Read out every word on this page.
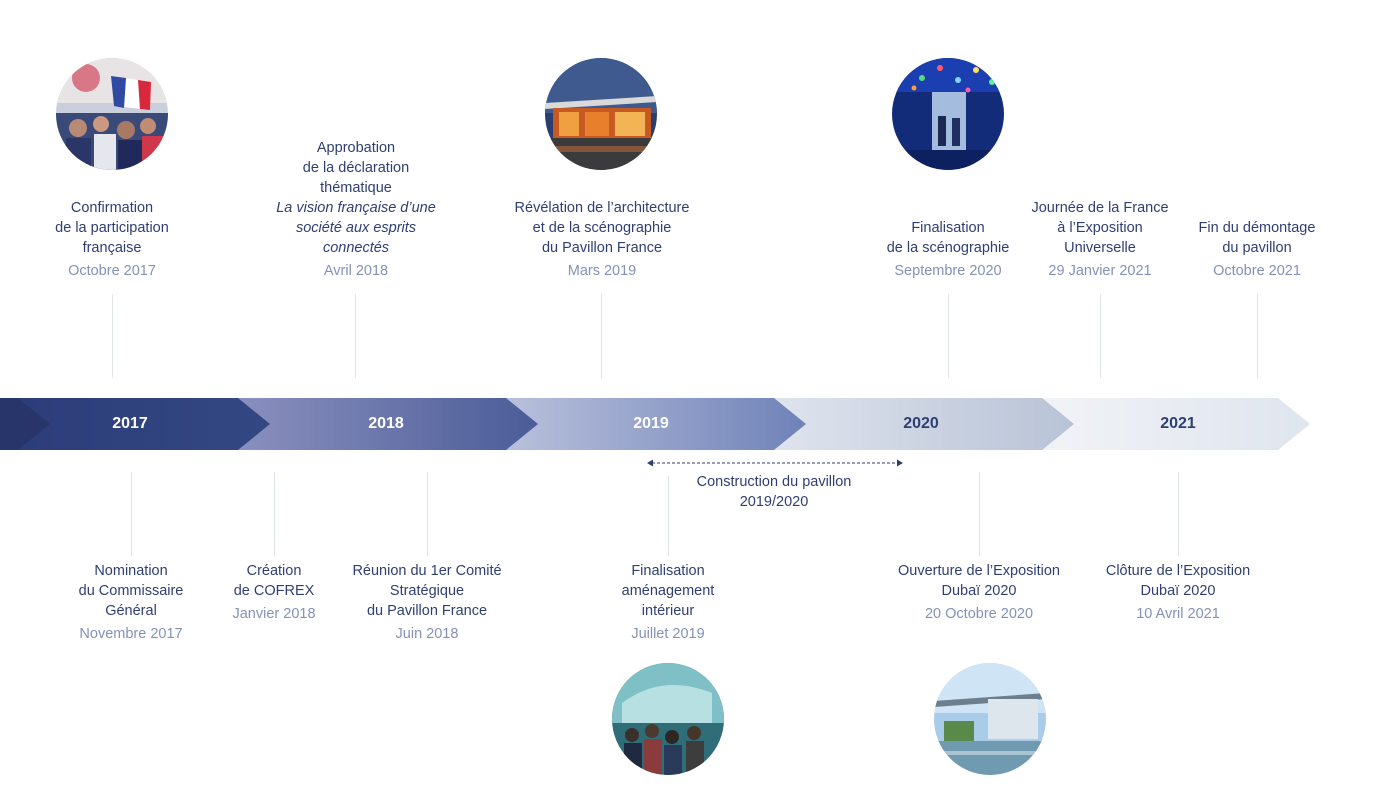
2017	2018	2019	2020	2021
Construction du pavillon
2019/2020
Confirmation
de la participation
française
Octobre 2017
Approbation
de la déclaration
thématique
La vision française d’une
société aux esprits
connectés
Avril 2018
Révélation de l’architecture
et de la scénographie
du Pavillon France
Mars 2019
Finalisation
de la scénographie
Septembre 2020
Journée de la France
à l’Exposition
Universelle
29 Janvier 2021
Fin du démontage
du pavillon
Octobre 2021
Nomination
du Commissaire
Général
Novembre 2017
Création
de COFREX
Janvier 2018
Réunion du 1er Comité
Stratégique
du Pavillon France
Juin 2018
Finalisation
aménagement
intérieur
Juillet 2019
Ouverture de l’Exposition
Dubaï 2020
20 Octobre 2020
Clôture de l’Exposition
Dubaï 2020
10 Avril 2021
